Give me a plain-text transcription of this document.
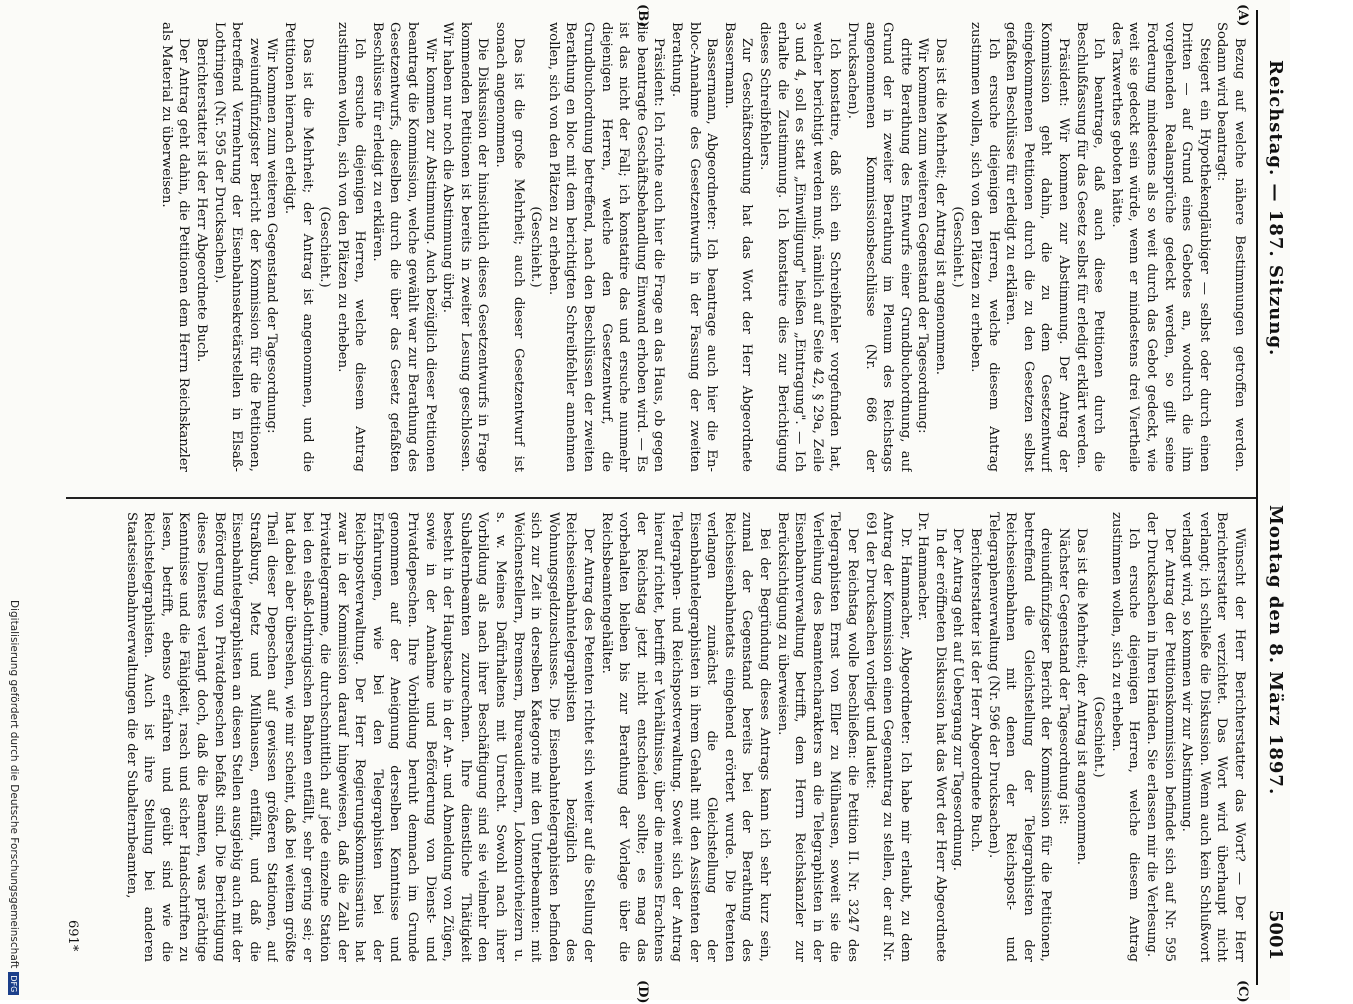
Reichstag. — 187. Sitzung.
Montag den 8. März 1897.
5001
(A)
(B)
(C)
(D)

Bezug auf welche nähere Bestimmungen getroffen werden. Sodann wird beantragt:

Steigert ein Hypothekengläubiger — selbst oder durch einen Dritten — auf Grund eines Gebotes an, wodurch die ihm vorgehenden Realansprüche gedeckt werden, so gilt seine Forderung mindestens als so weit durch das Gebot gedeckt, wie weit sie gedeckt sein würde, wenn er mindestens drei Viertheile des Taxwerthes geboten hätte.

Ich beantrage, daß auch diese Petitionen durch die Beschlußfassung für das Gesetz selbst für erledigt erklärt werden.

Präsident: Wir kommen zur Abstimmung. Der Antrag der Kommission geht dahin, die zu dem Gesetzentwurf eingekommenen Petitionen durch die zu den Gesetzen selbst gefaßten Beschlüsse für erledigt zu erklären.

Ich ersuche diejenigen Herren, welche diesem Antrag zustimmen wollen, sich von den Plätzen zu erheben.

(Geschieht.)

Das ist die Mehrheit; der Antrag ist angenommen.

Wir kommen zum weiteren Gegenstand der Tagesordnung:

dritte Berathung des Entwurfs einer Grundbuchordnung, auf Grund der in zweiter Berathung im Plenum des Reichstags angenommenen Kommissionsbeschlüsse (Nr. 686 der Drucksachen).

Ich konstatire, daß sich ein Schreibfehler vorgefunden hat, welcher berichtigt werden muß; nämlich auf Seite 42, § 29a, Zeile 3 und 4, soll es statt „Einwilligung" heißen „Eintragung". — Ich erhalte die Zustimmung. Ich konstatire dies zur Berichtigung dieses Schreibfehlers.

Zur Geschäftsordnung hat das Wort der Herr Abgeordnete Bassermann.

Bassermann, Abgeordneter: Ich beantrage auch hier die En-bloc-Annahme des Gesetzentwurfs in der Fassung der zweiten Berathung.

Präsident: Ich richte auch hier die Frage an das Haus, ob gegen die beantragte Geschäftsbehandlung Einwand erhoben wird. — Es ist das nicht der Fall; ich konstatire das und ersuche nunmehr diejenigen Herren, welche den Gesetzentwurf, die Grundbuchordnung betreffend, nach den Beschlüssen der zweiten Berathung en bloc mit dem berichtigten Schreibfehler annehmen wollen, sich von den Plätzen zu erheben.

(Geschieht.)

Das ist die große Mehrheit; auch dieser Gesetzentwurf ist sonach angenommen.

Die Diskussion der hinsichtlich dieses Gesetzentwurfs in Frage kommenden Petitionen ist bereits in zweiter Lesung geschlossen. Wir haben nur noch die Abstimmung übrig.

Wir kommen zur Abstimmung. Auch bezüglich dieser Petitionen beantragt die Kommission, welche gewählt war zur Berathung des Gesetzentwurfs, dieselben durch die über das Gesetz gefaßten Beschlüsse für erledigt zu erklären.

Ich ersuche diejenigen Herren, welche diesem Antrag zustimmen wollen, sich von den Plätzen zu erheben.

(Geschieht.)

Das ist die Mehrheit; der Antrag ist angenommen, und die Petitionen hiernach erledigt.

Wir kommen zum weiteren Gegenstand der Tagesordnung:

zweiundfünfzigster Bericht der Kommission für die Petitionen, betreffend Vermehrung der Eisenbahnsekretärstellen in Elsaß-Lothringen (Nr. 595 der Drucksachen).

Berichterstatter ist der Herr Abgeordnete Buch.

Der Antrag geht dahin, die Petitionen dem Herrn Reichskanzler als Material zu überweisen.

Wünscht der Herr Berichterstatter das Wort? — Der Herr Berichterstatter verzichtet. Das Wort wird überhaupt nicht verlangt; ich schließe die Diskussion. Wenn auch kein Schlußwort verlangt wird, so kommen wir zur Abstimmung.

Der Antrag der Petitionskommission befindet sich auf Nr. 595 der Drucksachen in Ihren Händen. Sie erlassen mir die Verlesung.

Ich ersuche diejenigen Herren, welche diesem Antrag zustimmen wollen, sich zu erheben.

(Geschieht.)

Das ist die Mehrheit; der Antrag ist angenommen.

Nächster Gegenstand der Tagesordnung ist:

dreiundfünfzigster Bericht der Kommission für die Petitionen, betreffend die Gleichstellung der Telegraphisten der Reichseisenbahnen mit denen der Reichspost- und Telegraphenverwaltung (Nr. 596 der Drucksachen).

Berichterstatter ist der Herr Abgeordnete Buch.

Der Antrag geht auf Uebergang zur Tagesordnung.

In der eröffneten Diskussion hat das Wort der Herr Abgeordnete Dr. Hammacher.

Dr. Hammacher, Abgeordneter: Ich habe mir erlaubt, zu dem Antrag der Kommission einen Gegenantrag zu stellen, der auf Nr. 691 der Drucksachen vorliegt und lautet:

Der Reichstag wolle beschließen: die Petition II. Nr. 3247 des Telegraphisten Ernst von Eller zu Mülhausen, soweit sie die Verleihung des Beamtencharakters an die Telegraphisten in der Eisenbahnverwaltung betrifft, dem Herrn Reichskanzler zur Berücksichtigung zu überweisen.

Bei der Begründung dieses Antrags kann ich sehr kurz sein, zumal der Gegenstand bereits bei der Berathung des Reichseisenbahnetats eingehend erörtert wurde. Die Petenten verlangen zunächst die Gleichstellung der Eisenbahntelegraphisten in ihrem Gehalt mit den Assistenten der Telegraphen- und Reichspostverwaltung. Soweit sich der Antrag hierauf richtet, betrifft er Verhältnisse, über die meines Erachtens der Reichstag jetzt nicht entscheiden sollte; es mag das vorbehalten bleiben bis zur Berathung der Vorlage über die Reichsbeamtengehälter.

Der Antrag des Petenten richtet sich weiter auf die Stellung der Reichseisenbahntelegraphisten bezüglich des Wohnungsgeldzuschusses. Die Eisenbahntelegraphisten befinden sich zur Zeit in derselben Kategorie mit den Unterbeamten: mit Weichenstellern, Bremsern, Bureaudienern, Lokomotivheizern u. s. w. Meines Dafürhaltens mit Unrecht. Sowohl nach ihrer Vorbildung als nach ihrer Beschäftigung sind sie vielmehr den Subalternbeamten zuzurechnen. Ihre dienstliche Thätigkeit besteht in der Hauptsache in der An- und Abmeldung von Zügen, sowie in der Annahme und Beförderung von Dienst- und Privatdepeschen. Ihre Vorbildung beruht demnach im Grunde genommen auf der Aneignung derselben Kenntnisse und Erfahrungen, wie bei den Telegraphisten bei der Reichspostverwaltung. Der Herr Regierungskommissarius hat zwar in der Kommission darauf hingewiesen, daß die Zahl der Privattelegramme, die durchschnittlich auf jede einzelne Station bei den elsaß-lothringischen Bahnen entfällt, sehr gering sei; er hat dabei aber übersehen, wie mir scheint, daß bei weitem größte Theil dieser Depeschen auf gewissen größeren Stationen, auf Straßburg, Metz und Mülhausen, entfällt, und daß die Eisenbahntelegraphisten an diesen Stellen ausgiebig auch mit der Beförderung von Privatdepeschen befaßt sind. Die Berichtigung dieses Dienstes verlangt doch, daß die Beamten, was prächtige Kenntnisse und die Fähigkeit, rasch und sicher Handschriften zu lesen, betrifft, ebenso erfahren und geübt sind wie die Reichstelegraphisten. Auch ist ihre Stellung bei anderen Staatseisenbahnverwaltungen die der Subalternbeamten,

691*
Digitalisierung gefördert durch die Deutsche ForschungsgemeinschaftDFG
